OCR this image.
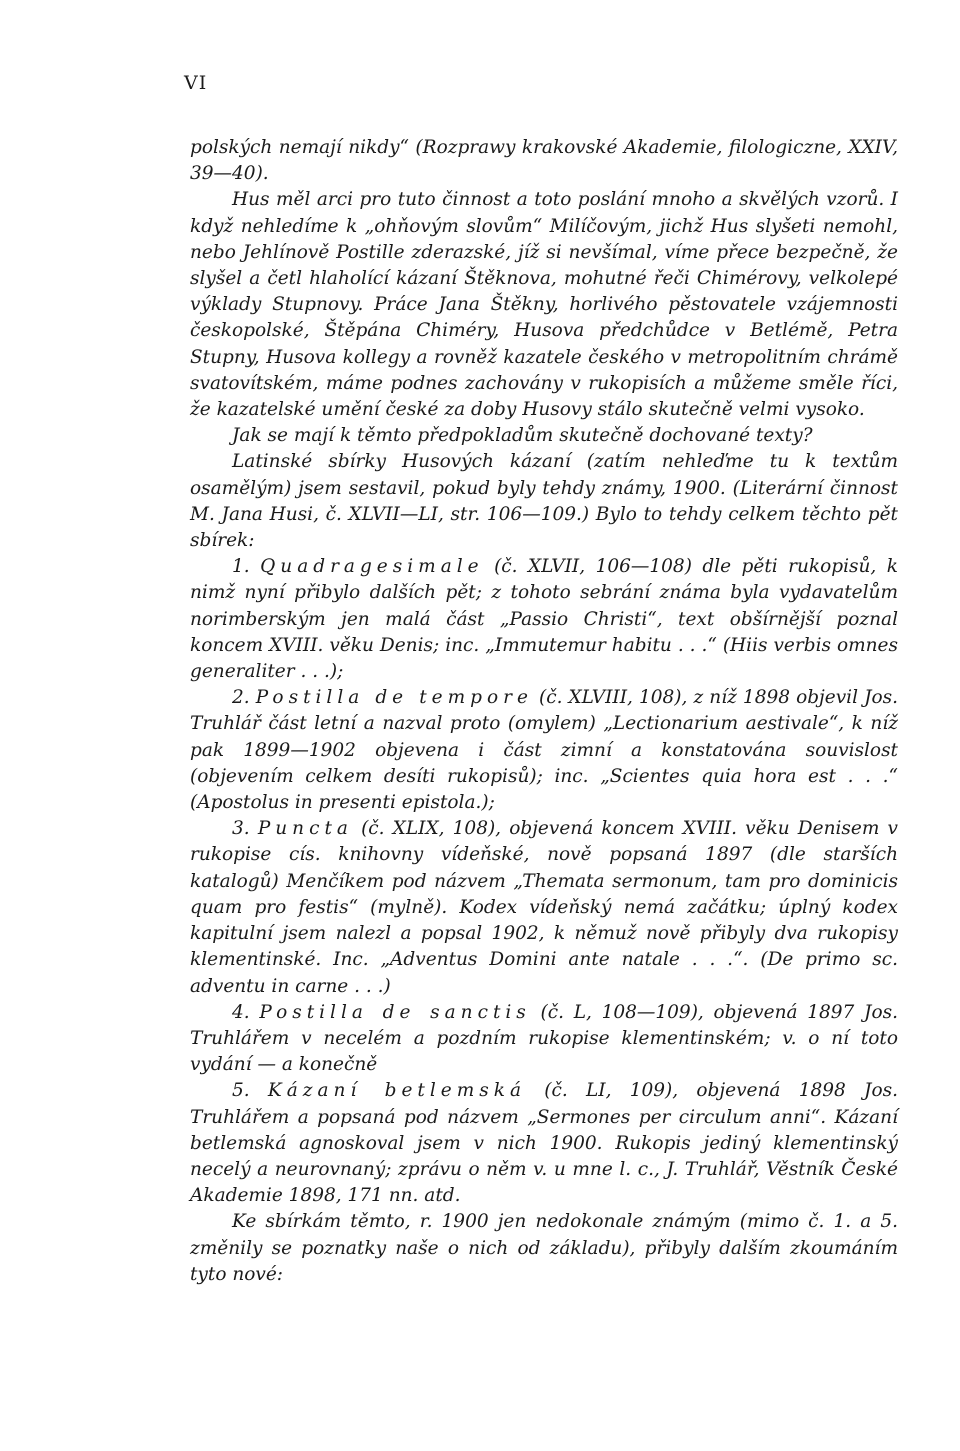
VI

polských nemají nikdy“ (Rozprawy krakovské Akademie, filologiczne, XXIV, 39—40).

Hus měl arci pro tuto činnost a toto poslání mnoho a skvělých vzorů. I když nehledíme k „ohňovým slovům“ Milíčovým, jichž Hus slyšeti nemohl, nebo Jehlínově Postille zderazské, jíž si nevšímal, víme přece bezpečně, že slyšel a četl hlaholící kázaní Štěknova, mohutné řeči Chimérovy, velkolepé výklady Stupnovy. Práce Jana Štěkny, horlivého pěstovatele vzájemnosti českopolské, Štěpána Chiméry, Husova předchůdce v Betlémě, Petra Stupny, Husova kollegy a rovněž kazatele českého v metropolitním chrámě svatovítském, máme podnes zachovány v rukopisích a můžeme směle říci, že kazatelské umění české za doby Husovy stálo skutečně velmi vysoko.

Jak se mají k těmto předpokladům skutečně dochované texty?

Latinské sbírky Husových kázaní (zatím nehleďme tu k textům osamělým) jsem sestavil, pokud byly tehdy známy, 1900. (Literární činnost M. Jana Husi, č. XLVII—LI, str. 106—109.) Bylo to tehdy celkem těchto pět sbírek:

1. Quadragesimale (č. XLVII, 106—108) dle pěti rukopisů, k nimž nyní přibylo dalších pět; z tohoto sebrání známa byla vydavatelům norimberským jen malá část „Passio Christi“, text obšírnější poznal koncem XVIII. věku Denis; inc. „Immutemur habitu . . .“ (Hiis verbis omnes generaliter . . .);

2. Postilla de tempore (č. XLVIII, 108), z níž 1898 objevil Jos. Truhlář část letní a nazval proto (omylem) „Lectionarium aestivale“, k níž pak 1899—1902 objevena i část zimní a konstatována souvislost (objevením celkem desíti rukopisů); inc. „Scientes quia hora est . . .“ (Apostolus in presenti epistola.);

3. Puncta (č. XLIX, 108), objevená koncem XVIII. věku Denisem v rukopise cís. knihovny vídeňské, nově popsaná 1897 (dle starších katalogů) Menčíkem pod názvem „Themata sermonum, tam pro dominicis quam pro festis“ (mylně). Kodex vídeňský nemá začátku; úplný kodex kapitulní jsem nalezl a popsal 1902, k němuž nově přibyly dva rukopisy klementinské. Inc. „Adventus Domini ante natale . . .“. (De primo sc. adventu in carne . . .)

4. Postilla de sanctis (č. L, 108—109), objevená 1897 Jos. Truhlářem v necelém a pozdním rukopise klementinském; v. o ní toto vydání — a konečně

5. Kázaní betlemská (č. LI, 109), objevená 1898 Jos. Truhlářem a popsaná pod názvem „Sermones per circulum anni“. Kázaní betlemská agnoskoval jsem v nich 1900. Rukopis jediný klementinský necelý a neurovnaný; zprávu o něm v. u mne l. c., J. Truhlář, Věstník České Akademie 1898, 171 nn. atd.

Ke sbírkám těmto, r. 1900 jen nedokonale známým (mimo č. 1. a 5. změnily se poznatky naše o nich od základu), přibyly dalším zkoumáním tyto nové:
